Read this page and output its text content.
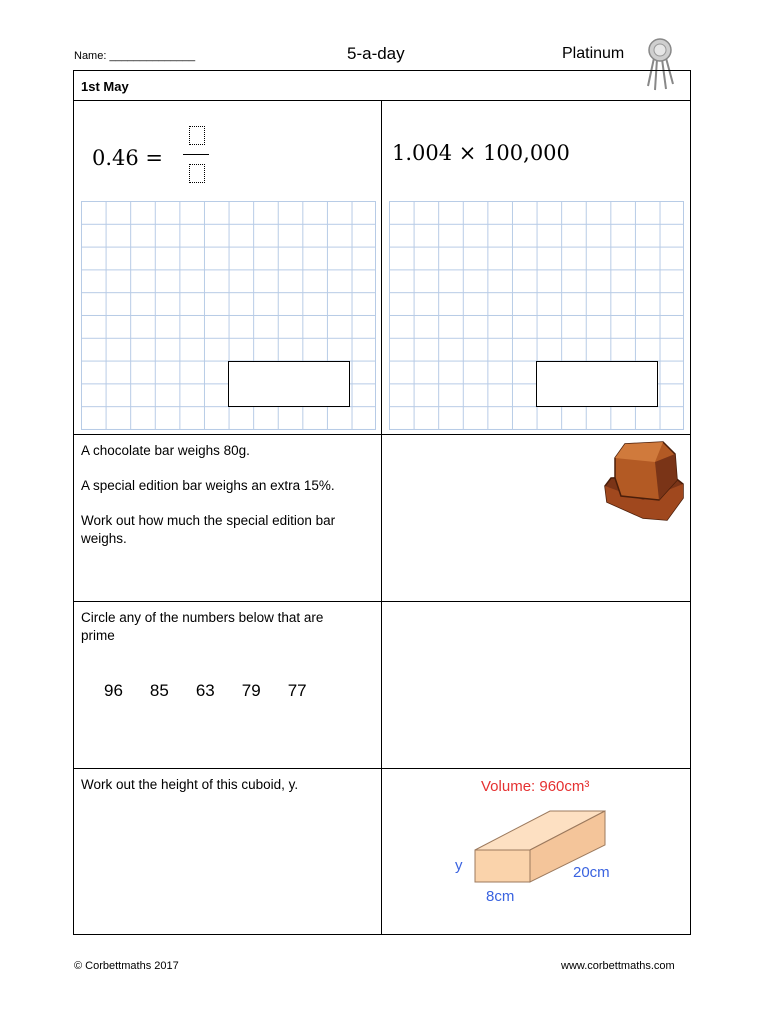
Name: ______________	5-a-day	Platinum
1st May
0.46 =	1.004 × 100,000
A chocolate bar weighs 80g.
A special edition bar weighs an extra 15%.
Work out how much the special edition bar
weighs.
Circle any of the numbers below that are
prime
96 85 63 79 77
Work out the height of this cuboid, y.	Volume: 960cm³
y	20cm
8cm
© Corbettmaths 2017	www.corbettmaths.com
